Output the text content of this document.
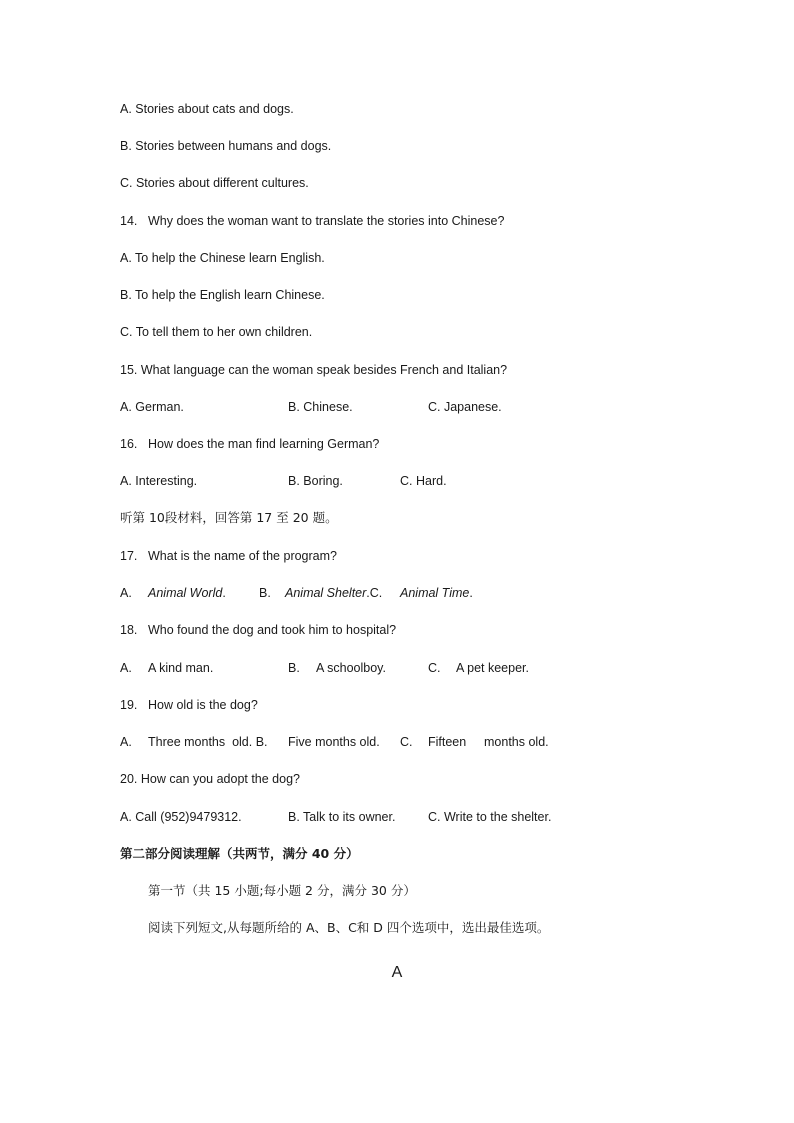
A. Stories about cats and dogs.
B. Stories between humans and dogs.
C. Stories about different cultures.
14. Why does the woman want to translate the stories into Chinese?
A. To help the Chinese learn English.
B. To help the English learn Chinese.
C. To tell them to her own children.
15. What language can the woman speak besides French and Italian?
A. German.	B. Chinese.	C. Japanese.
16. How does the man find learning German?
A. Interesting.	B. Boring.	C. Hard.
听第 10段材料，回答第 17 至 20 题。
17. What is the name of the program?
A. Animal World.	B. Animal Shelter.C. Animal Time.
18. Who found the dog and took him to hospital?
A. A kind man.	B. A schoolboy.	C. A pet keeper.
19. How old is the dog?
A. Three months  old. B. Five months old. C. Fifteen months old.
20. How can you adopt the dog?
A. Call (952)9479312.	B. Talk to its owner.	C. Write to the shelter.
第二部分阅读理解（共两节，满分 40 分）
第一节（共 15 小题;每小题 2 分，满分 30 分）
阅读下列短文,从每题所给的 A、B、C和 D 四个选项中，选出最佳选项。
A
